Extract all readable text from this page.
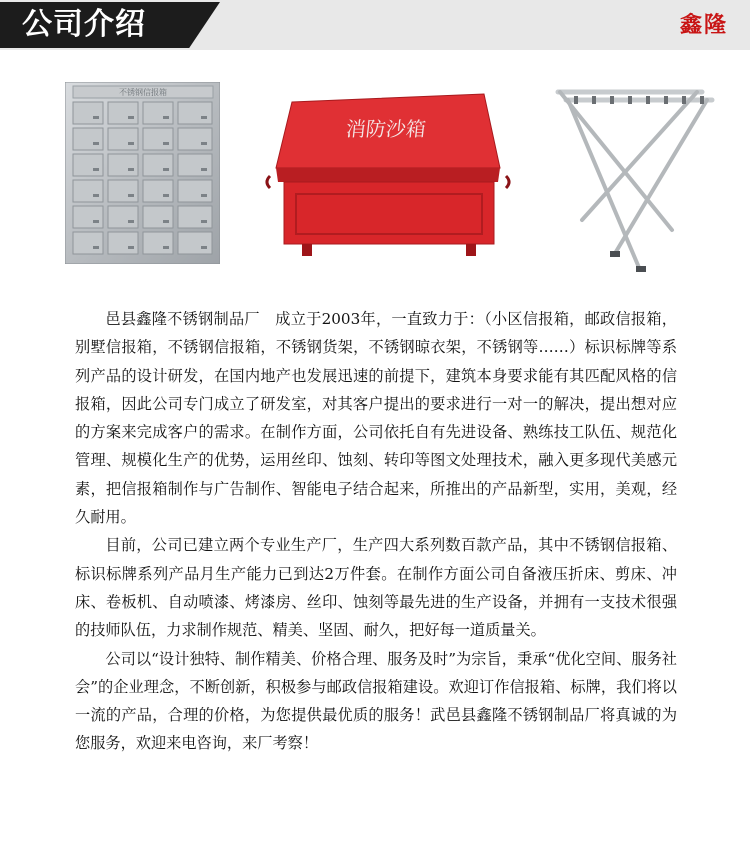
公司介绍	鑫隆
不锈钢信报箱
消防沙箱

邑县鑫隆不锈钢制品厂　成立于2003年，一直致力于：（小区信报箱，邮政信报箱，别墅信报箱，不锈钢信报箱，不锈钢货架，不锈钢晾衣架，不锈钢等……）标识标牌等系列产品的设计研发，在国内地产也发展迅速的前提下，建筑本身要求能有其匹配风格的信报箱，因此公司专门成立了研发室，对其客户提出的要求进行一对一的解决，提出想对应的方案来完成客户的需求。在制作方面，公司依托自有先进设备、熟练技工队伍、规范化管理、规模化生产的优势，运用丝印、蚀刻、转印等图文处理技术，融入更多现代美感元素，把信报箱制作与广告制作、智能电子结合起来，所推出的产品新型，实用，美观，经久耐用。

目前，公司已建立两个专业生产厂，生产四大系列数百款产品，其中不锈钢信报箱、标识标牌系列产品月生产能力已到达2万件套。在制作方面公司自备液压折床、剪床、冲床、卷板机、自动喷漆、烤漆房、丝印、蚀刻等最先进的生产设备，并拥有一支技术很强的技师队伍，力求制作规范、精美、坚固、耐久，把好每一道质量关。

公司以“设计独特、制作精美、价格合理、服务及时”为宗旨，秉承“优化空间、服务社会”的企业理念，不断创新，积极参与邮政信报箱建设。欢迎订作信报箱、标牌，我们将以一流的产品，合理的价格，为您提供最优质的服务！武邑县鑫隆不锈钢制品厂将真诚的为您服务，欢迎来电咨询，来厂考察！
